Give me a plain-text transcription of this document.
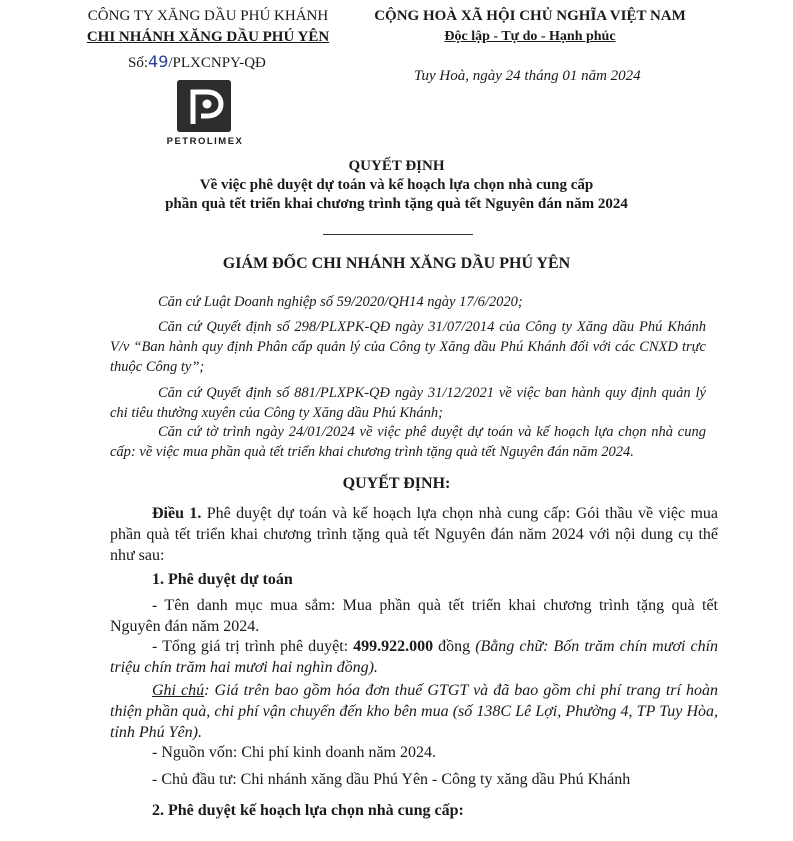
CÔNG TY XĂNG DẦU PHÚ KHÁNH
CHI NHÁNH XĂNG DẦU PHÚ YÊN
Số:49/PLXCNPY-QĐ
CỘNG HOÀ XÃ HỘI CHỦ NGHĨA VIỆT NAM
Độc lập - Tự do - Hạnh phúc
Tuy Hoà, ngày 24 tháng 01 năm 2024
PETROLIMEX
QUYẾT ĐỊNH
Về việc phê duyệt dự toán và kế hoạch lựa chọn nhà cung cấp
phần quà tết triển khai chương trình tặng quà tết Nguyên đán năm 2024
GIÁM ĐỐC CHI NHÁNH XĂNG DẦU PHÚ YÊN
Căn cứ Luật Doanh nghiệp số 59/2020/QH14 ngày 17/6/2020;
Căn cứ Quyết định số 298/PLXPK-QĐ ngày 31/07/2014 của Công ty Xăng dầu Phú Khánh V/v “Ban hành quy định Phân cấp quản lý của Công ty Xăng dầu Phú Khánh đối với các CNXD trực thuộc Công ty”;
Căn cứ Quyết định số 881/PLXPK-QĐ ngày 31/12/2021 về việc ban hành quy định quản lý chi tiêu thường xuyên của Công ty Xăng dầu Phú Khánh;
Căn cứ tờ trình ngày 24/01/2024 về việc phê duyệt dự toán và kế hoạch lựa chọn nhà cung cấp: về việc mua phần quà tết triển khai chương trình tặng quà tết Nguyên đán năm 2024.
QUYẾT ĐỊNH:
Điều 1. Phê duyệt dự toán và kế hoạch lựa chọn nhà cung cấp: Gói thầu về việc mua phần quà tết triển khai chương trình tặng quà tết Nguyên đán năm 2024 với nội dung cụ thể như sau:
1. Phê duyệt dự toán
- Tên danh mục mua sắm: Mua phần quà tết triển khai chương trình tặng quà tết Nguyên đán năm 2024.
- Tổng giá trị trình phê duyệt: 499.922.000 đồng (Bằng chữ: Bốn trăm chín mươi chín triệu chín trăm hai mươi hai nghìn đồng).
Ghi chú: Giá trên bao gồm hóa đơn thuế GTGT và đã bao gồm chi phí trang trí hoàn thiện phần quà, chi phí vận chuyển đến kho bên mua (số 138C Lê Lợi, Phường 4, TP Tuy Hòa, tỉnh Phú Yên).
- Nguồn vốn: Chi phí kinh doanh năm 2024.
- Chủ đầu tư: Chi nhánh xăng dầu Phú Yên - Công ty xăng dầu Phú Khánh
2. Phê duyệt kế hoạch lựa chọn nhà cung cấp:
